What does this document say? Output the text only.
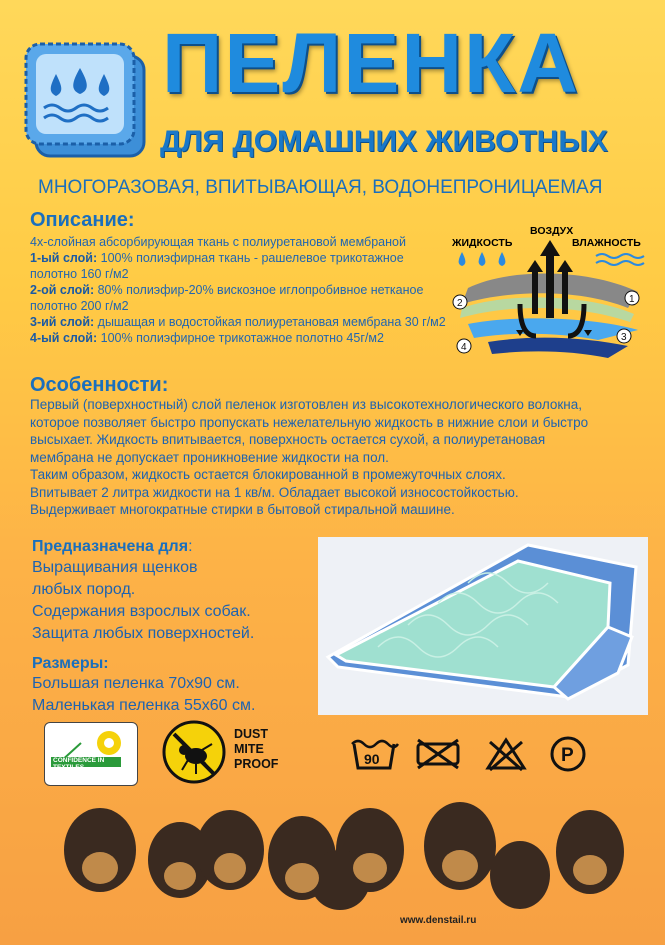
ПЕЛЕНКА
ДЛЯ ДОМАШНИХ ЖИВОТНЫХ
МНОГОРАЗОВАЯ, ВПИТЫВАЮЩАЯ, ВОДОНЕПРОНИЦАЕМАЯ
Описание:
4х-слойная абсорбирующая ткань с полиуретановой мембраной
1-ый слой: 100% полиэфирная ткань - рашелевое трикотажное полотно 160 г/м2
2-ой слой: 80% полиэфир-20% вискозное иглопробивное нетканое полотно 200 г/м2
3-ий слой: дышащая и водостойкая полиуретановая мембрана 30 г/м2
4-ый слой: 100% полиэфирное трикотажное полотно 45г/м2
ЖИДКОСТЬ
ВОЗДУХ
ВЛАЖНОСТЬ
2	1
3
4
Особенности:
Первый (поверхностный) слой пеленок изготовлен из высокотехнологического волокна,
которое позволяет быстро пропускать нежелательную жидкость в нижние слои и быстро
высыхает. Жидкость впитывается, поверхность остается сухой, а полиуретановая
мембрана не допускает проникновение жидкости на пол.
Таким образом, жидкость остается блокированной в промежуточных слоях.
Впитывает 2 литра жидкости на 1 кв/м. Обладает высокой износостойкостью.
Выдерживает многократные стирки в бытовой стиральной машине.
Предназначена для:
Выращивания щенков
любых пород.
Содержания взрослых собак.
Защита любых поверхностей.
Размеры:
Большая пеленка 70х90 см.
Маленькая пеленка 55х60 см.
CONFIDENCE IN TEXTILES
DUST
MITE
PROOF	90	P
www.denstail.ru
